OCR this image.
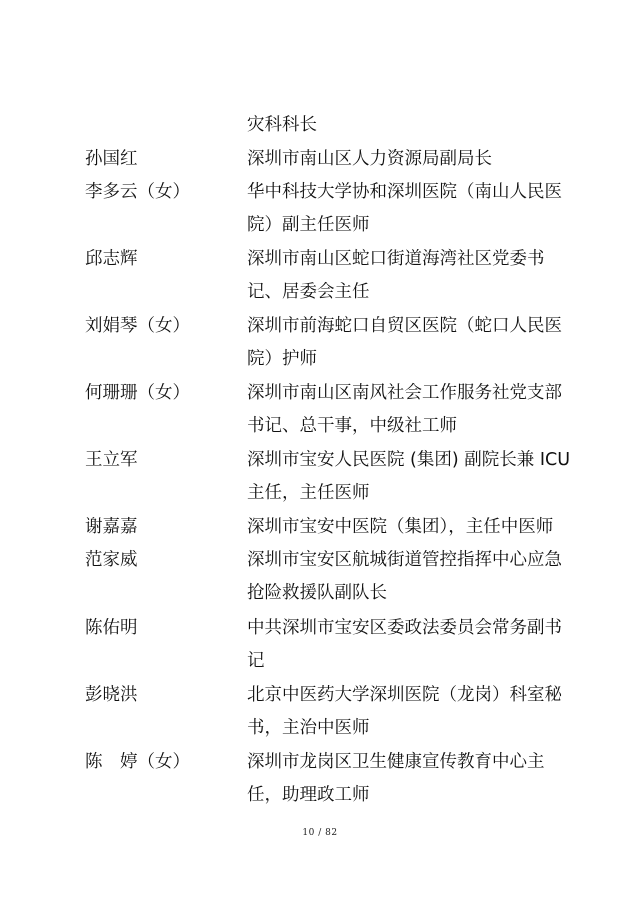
灾科科长
孙国红	深圳市南山区人力资源局副局长
李多云（女）	华中科技大学协和深圳医院（南山人民医
院）副主任医师
邱志辉	深圳市南山区蛇口街道海湾社区党委书
记、居委会主任
刘娟琴（女）	深圳市前海蛇口自贸区医院（蛇口人民医
院）护师
何珊珊（女）	深圳市南山区南风社会工作服务社党支部
书记、总干事，中级社工师
王立军	深圳市宝安人民医院 (集团) 副院长兼 ICU
主任，主任医师
谢嘉嘉	深圳市宝安中医院（集团），主任中医师
范家威	深圳市宝安区航城街道管控指挥中心应急
抢险救援队副队长
陈佑明	中共深圳市宝安区委政法委员会常务副书
记
彭晓洪	北京中医药大学深圳医院（龙岗）科室秘
书，主治中医师
陈　婷（女）	深圳市龙岗区卫生健康宣传教育中心主
任，助理政工师
10 / 82
